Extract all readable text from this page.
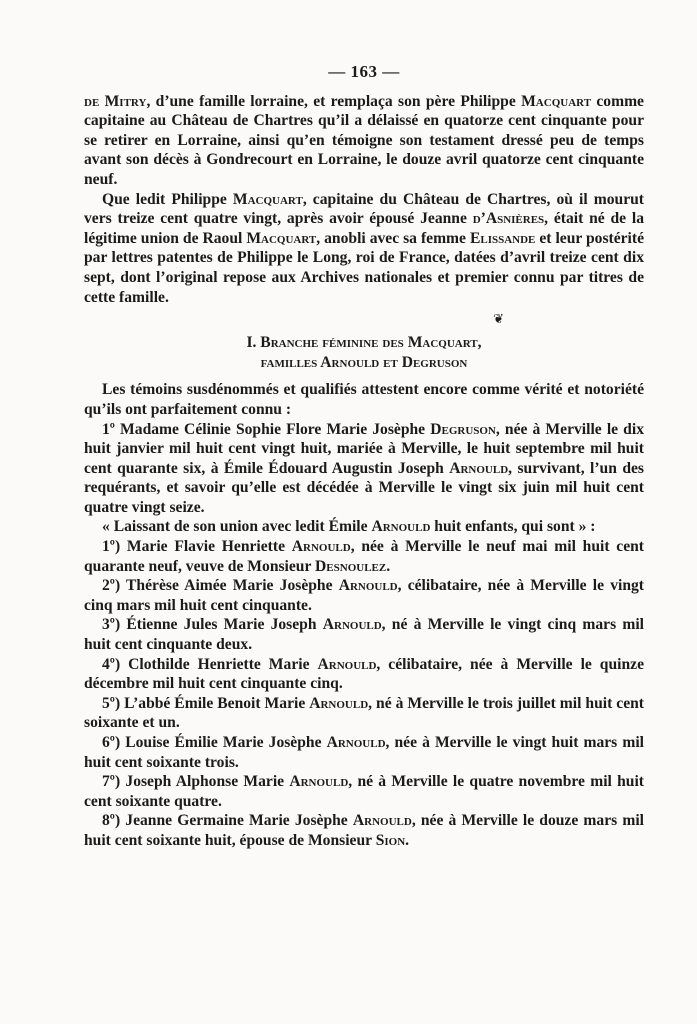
— 163 —

de Mitry, d’une famille lorraine, et remplaça son père Philippe Macquart comme capitaine au Château de Chartres qu’il a délaissé en quatorze cent cinquante pour se retirer en Lorraine, ainsi qu’en témoigne son testament dressé peu de temps avant son décès à Gondrecourt en Lorraine, le douze avril quatorze cent cinquante neuf.

Que ledit Philippe Macquart, capitaine du Château de Chartres, où il mourut vers treize cent quatre vingt, après avoir épousé Jeanne d’Asnières, était né de la légitime union de Raoul Macquart, anobli avec sa femme Elissande et leur postérité par lettres patentes de Philippe le Long, roi de France, datées d’avril treize cent dix sept, dont l’original repose aux Archives nationales et premier connu par titres de cette famille.

❦
I. Branche féminine des Macquart,
familles Arnould et Degruson

Les témoins susdénommés et qualifiés attestent encore comme vérité et notoriété qu’ils ont parfaitement connu :

1º Madame Célinie Sophie Flore Marie Josèphe Degruson, née à Merville le dix huit janvier mil huit cent vingt huit, mariée à Merville, le huit septembre mil huit cent quarante six, à Émile Édouard Augustin Joseph Arnould, survivant, l’un des requérants, et savoir qu’elle est décédée à Merville le vingt six juin mil huit cent quatre vingt seize.

« Laissant de son union avec ledit Émile Arnould huit enfants, qui sont » :

1º) Marie Flavie Henriette Arnould, née à Merville le neuf mai mil huit cent quarante neuf, veuve de Monsieur Desnoulez.

2º) Thérèse Aimée Marie Josèphe Arnould, célibataire, née à Merville le vingt cinq mars mil huit cent cinquante.

3º) Étienne Jules Marie Joseph Arnould, né à Merville le vingt cinq mars mil huit cent cinquante deux.

4º) Clothilde Henriette Marie Arnould, célibataire, née à Merville le quinze décembre mil huit cent cinquante cinq.

5º) L’abbé Émile Benoit Marie Arnould, né à Merville le trois juillet mil huit cent soixante et un.

6º) Louise Émilie Marie Josèphe Arnould, née à Merville le vingt huit mars mil huit cent soixante trois.

7º) Joseph Alphonse Marie Arnould, né à Merville le quatre novembre mil huit cent soixante quatre.

8º) Jeanne Germaine Marie Josèphe Arnould, née à Merville le douze mars mil huit cent soixante huit, épouse de Monsieur Sion.
